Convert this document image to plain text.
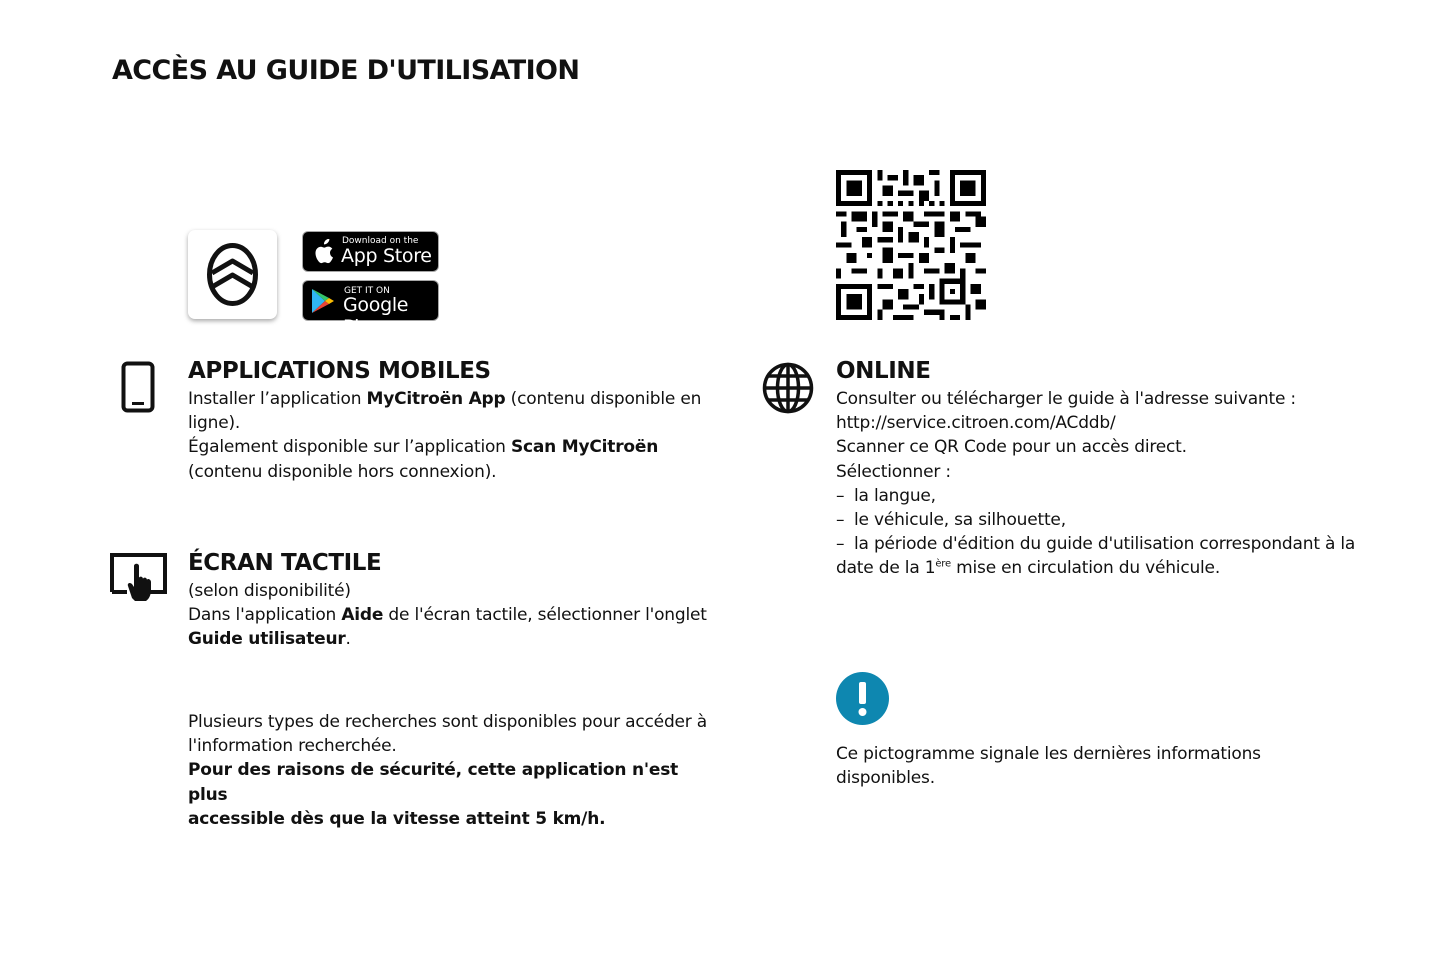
ACCÈS AU GUIDE D'UTILISATION
Download on the
App Store
GET IT ON
Google Play
APPLICATIONS MOBILES
Installer l’application MyCitroën App (contenu disponible en
ligne).
Également disponible sur l’application Scan MyCitroën
(contenu disponible hors connexion).
ÉCRAN TACTILE
(selon disponibilité)
Dans l'application Aide de l'écran tactile, sélectionner l'onglet
Guide utilisateur.
Plusieurs types de recherches sont disponibles pour accéder à
l'information recherchée.
Pour des raisons de sécurité, cette application n'est plus
accessible dès que la vitesse atteint 5 km/h.
ONLINE
Consulter ou télécharger le guide à l'adresse suivante :
http://service.citroen.com/ACddb/
Scanner ce QR Code pour un accès direct.
Sélectionner :
– la langue,
– le véhicule, sa silhouette,
– la période d'édition du guide d'utilisation correspondant à la
date de la 1ère mise en circulation du véhicule.
Ce pictogramme signale les dernières informations
disponibles.
